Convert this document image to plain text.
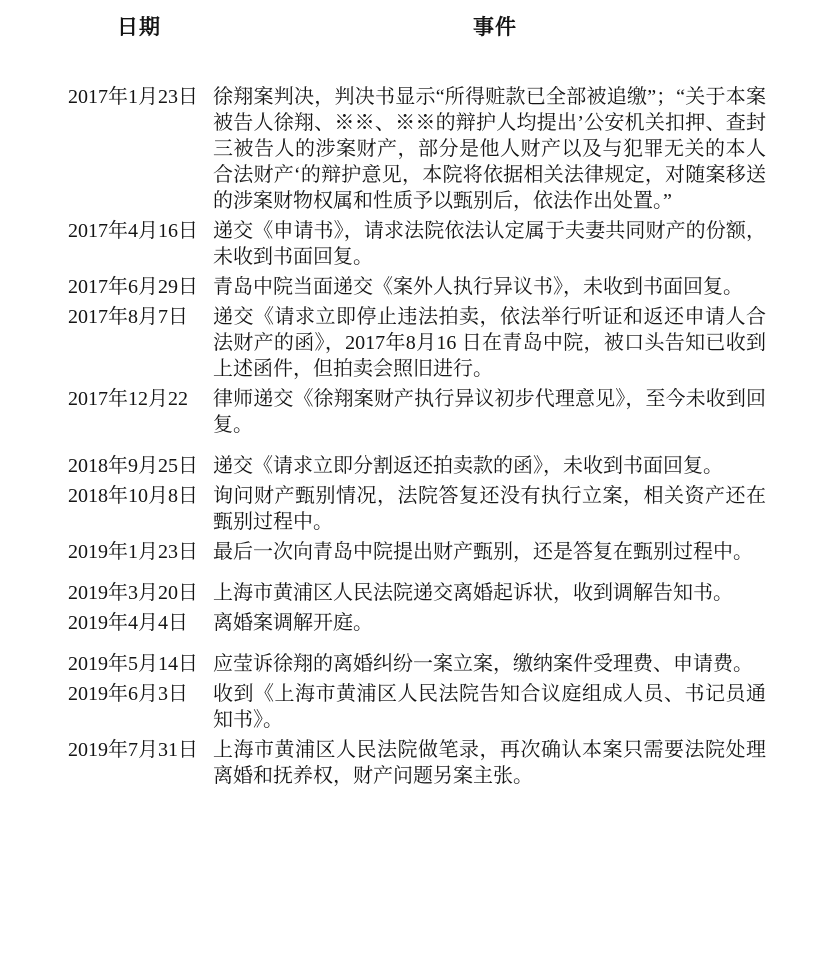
日期	事件
2017年1月23日 徐翔案判决，判决书显示“所得赃款已全部被追缴”；“关于本案被告人徐翔、※※、※※的辩护人均提出’公安机关扣押、查封三被告人的涉案财产，部分是他人财产以及与犯罪无关的本人合法财产‘的辩护意见，本院将依据相关法律规定，对随案移送的涉案财物权属和性质予以甄别后，依法作出处置。”
2017年4月16日 递交《申请书》，请求法院依法认定属于夫妻共同财产的份额，未收到书面回复。
2017年6月29日 青岛中院当面递交《案外人执行异议书》，未收到书面回复。
2017年8月7日	递交《请求立即停止违法拍卖，依法举行听证和返还申请人合法财产的函》，2017年8月16 日在青岛中院，被口头告知已收到上述函件，但拍卖会照旧进行。
2017年12月22	律师递交《徐翔案财产执行异议初步代理意见》，至今未收到回复。
2018年9月25日 递交《请求立即分割返还拍卖款的函》，未收到书面回复。
2018年10月8日 询问财产甄别情况，法院答复还没有执行立案，相关资产还在甄别过程中。
2019年1月23日 最后一次向青岛中院提出财产甄别，还是答复在甄别过程中。
2019年3月20日 上海市黄浦区人民法院递交离婚起诉状，收到调解告知书。
2019年4月4日	离婚案调解开庭。
2019年5月14日 应莹诉徐翔的离婚纠纷一案立案，缴纳案件受理费、申请费。
2019年6月3日	收到《上海市黄浦区人民法院告知合议庭组成人员、书记员通知书》。
2019年7月31日 上海市黄浦区人民法院做笔录，再次确认本案只需要法院处理离婚和抚养权，财产问题另案主张。
